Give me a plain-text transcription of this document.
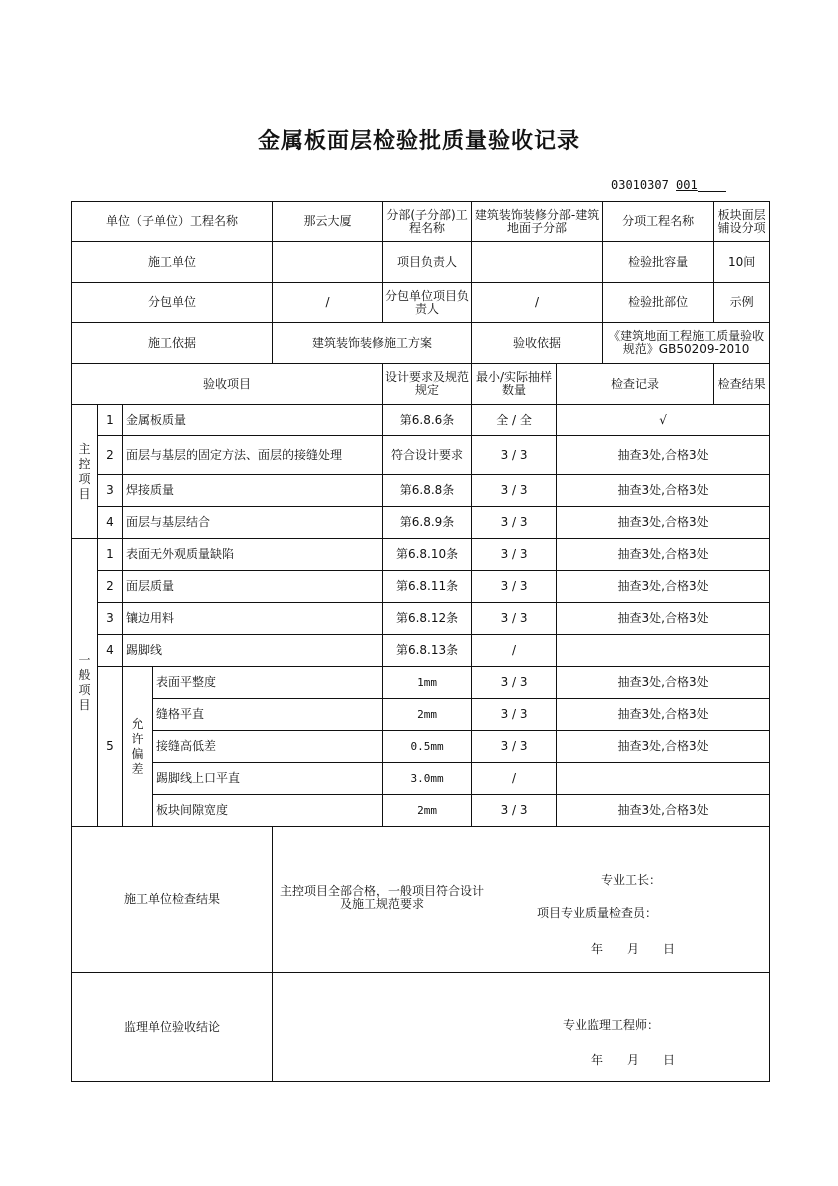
金属板面层检验批质量验收记录
03010307 001
单位（子单位）工程名称				那云大厦	分部(子分部)工程名称	建筑装饰装修分部-建筑地面子分部		分项工程名称	板块面层铺设分项	
施工单位					项目负责人			检验批容量	10间	
分包单位				/	分包单位项目负责人	/		检验批部位	示例	
施工依据				建筑装饰装修施工方案		验收依据		《建筑地面工程施工质量验收规范》GB50209-2010		
验收项目					设计要求及规范规定	最小/实际抽样数量	检查记录		检查结果	
主控项目	1	金属板质量			第6.8.6条	全 / 全	√	
	2	面层与基层的固定方法、面层的接缝处理			符合设计要求	3 / 3	抽查3处,合格3处	
	3	焊接质量			第6.8.8条	3 / 3	抽查3处,合格3处	
	4	面层与基层结合			第6.8.9条	3 / 3	抽查3处,合格3处	
一般项目	1	表面无外观质量缺陷			第6.8.10条	3 / 3	抽查3处,合格3处	
	2	面层质量			第6.8.11条	3 / 3	抽查3处,合格3处	
	3	镶边用料			第6.8.12条	3 / 3	抽查3处,合格3处	
	4	踢脚线			第6.8.13条	/				
	5	允许偏差	表面平整度		1mm	3 / 3	抽查3处,合格3处	
			缝格平直		2mm	3 / 3	抽查3处,合格3处	
			接缝高低差		0.5mm	3 / 3	抽查3处,合格3处	
			踢脚线上口平直		3.0mm	/				
			板块间隙宽度		2mm	3 / 3	抽查3处,合格3处	
施工单位检查结果				主控项目全部合格，一般项目符合设计及施工规范要求
专业工长：
项目专业质量检查员：
年　　月　　日						

监理单位验收结论				专业监理工程师：
年　　月　　日						
